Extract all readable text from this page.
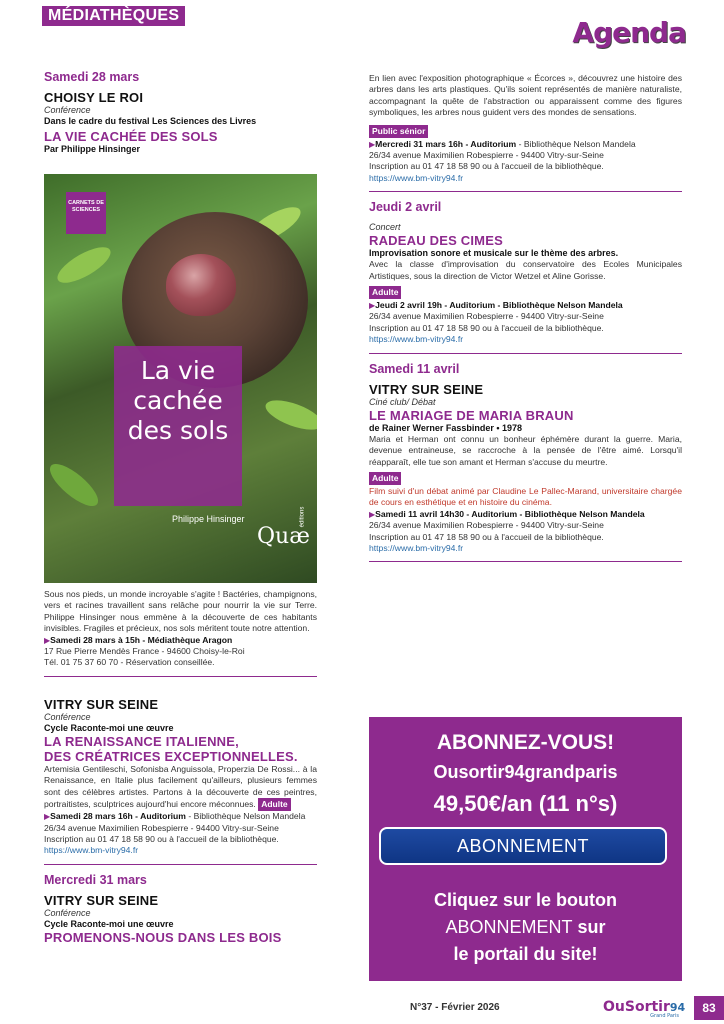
MÉDIATHÈQUES
Agenda
Samedi 28 mars
CHOISY LE ROI
Conférence
Dans le cadre du festival Les Sciences des Livres
LA VIE CACHÉE DES SOLS
Par Philippe Hinsinger
CARNETS DE SCIENCES
La vie
cachée
des sols
Philippe Hinsinger	éditions
Quæ
Sous nos pieds, un monde incroyable s'agite ! Bactéries, champignons, vers et racines travaillent sans relâche pour nourrir la vie sur Terre. Philippe Hinsinger nous emmène à la découverte de ces habitants invisibles. Fragiles et précieux, nos sols méritent toute notre attention.
▶Samedi 28 mars à 15h - Médiathèque Aragon
17 Rue Pierre Mendès France - 94600 Choisy-le-Roi
Tél. 01 75 37 60 70 - Réservation conseillée.
VITRY SUR SEINE
Conférence
Cycle Raconte-moi une œuvre
LA RENAISSANCE ITALIENNE,
DES CRÉATRICES EXCEPTIONNELLES.
Artemisia Gentileschi, Sofonisba Anguissola, Properzia De Rossi... à la Renaissance, en Italie plus facilement qu'ailleurs, plusieurs femmes sont des célèbres artistes. Partons à la découverte de ces peintres, portraitistes, sculptrices aujourd'hui encore méconnues. Adulte
▶Samedi 28 mars 16h - Auditorium - Bibliothèque Nelson Mandela
26/34 avenue Maximilien Robespierre - 94400 Vitry-sur-Seine
Inscription au 01 47 18 58 90 ou à l'accueil de la bibliothèque.
https://www.bm-vitry94.fr
Mercredi 31 mars
VITRY SUR SEINE
Conférence
Cycle Raconte-moi une œuvre
PROMENONS-NOUS DANS LES BOIS
En lien avec l'exposition photographique « Écorces », découvrez une histoire des arbres dans les arts plastiques. Qu'ils soient représentés de manière naturaliste, accompagnant la quête de l'abstraction ou apparaissent comme des figures symboliques, les arbres nous guident vers des mondes de sensations.
Public sénior
▶Mercredi 31 mars 16h - Auditorium - Bibliothèque Nelson Mandela
26/34 avenue Maximilien Robespierre - 94400 Vitry-sur-Seine
Inscription au 01 47 18 58 90 ou à l'accueil de la bibliothèque.
https://www.bm-vitry94.fr
Jeudi 2 avril
Concert
RADEAU DES CIMES
Improvisation sonore et musicale sur le thème des arbres.
Avec la classe d'improvisation du conservatoire des Ecoles Municipales Artistiques, sous la direction de Victor Wetzel et Aline Gorisse.
Adulte
▶Jeudi 2 avril 19h - Auditorium - Bibliothèque Nelson Mandela
26/34 avenue Maximilien Robespierre - 94400 Vitry-sur-Seine
Inscription au 01 47 18 58 90 ou à l'accueil de la bibliothèque.
https://www.bm-vitry94.fr
Samedi 11 avril
VITRY SUR SEINE
Ciné club/ Débat
LE MARIAGE DE MARIA BRAUN
de Rainer Werner Fassbinder • 1978
Maria et Herman ont connu un bonheur éphémère durant la guerre. Maria, devenue entraineuse, se raccroche à la pensée de l'être aimé. Lorsqu'il réapparaît, elle tue son amant et Herman s'accuse du meurtre.
Adulte
Film suivi d'un débat animé par Claudine Le Pallec-Marand, universitaire chargée de cours en esthétique et en histoire du cinéma.
▶Samedi 11 avril 14h30 - Auditorium - Bibliothèque Nelson Mandela
26/34 avenue Maximilien Robespierre - 94400 Vitry-sur-Seine
Inscription au 01 47 18 58 90 ou à l'accueil de la bibliothèque.
https://www.bm-vitry94.fr
ABONNEZ-VOUS!
Ousortir94grandparis
49,50€/an (11 n°s)
ABONNEMENT
Cliquez sur le bouton
ABONNEMENT sur
le portail du site!
N°37 - Février 2026	OuSortir94
Grand Paris
83
